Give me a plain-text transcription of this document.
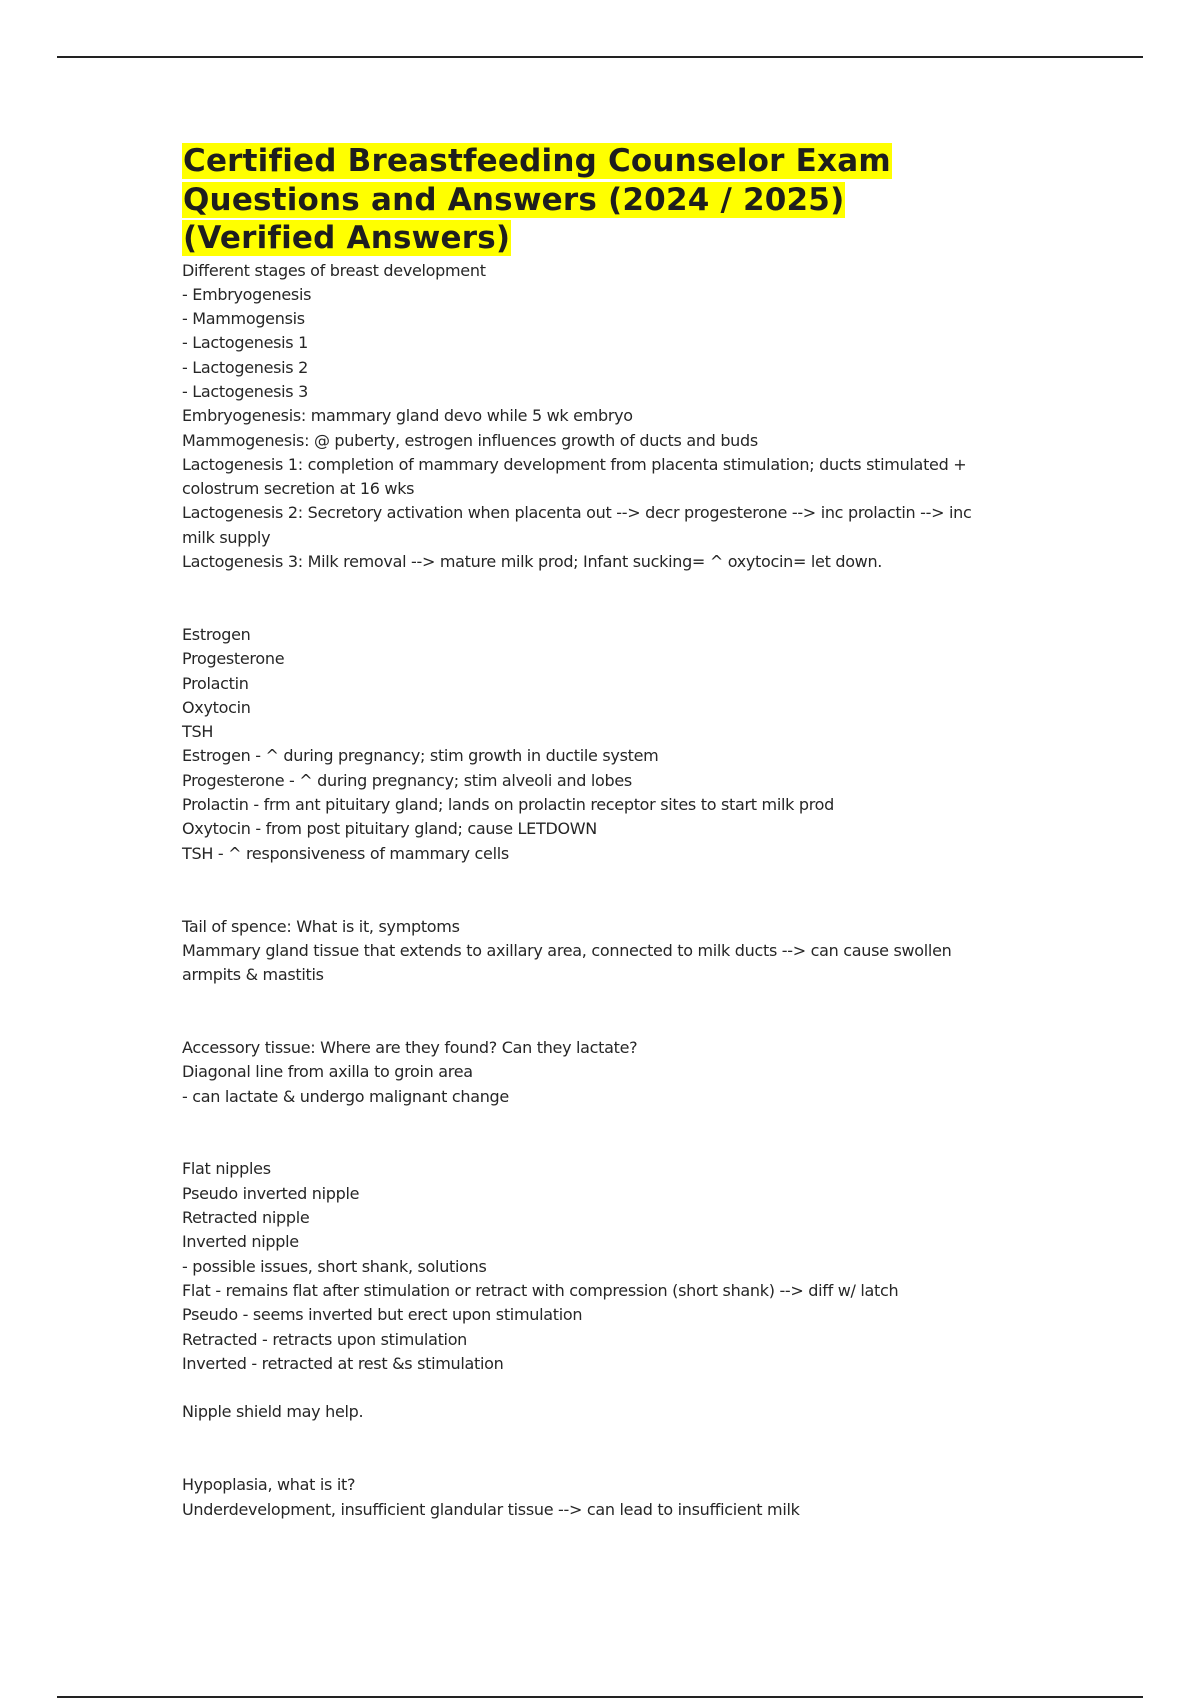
Certified Breastfeeding Counselor Exam
Questions and Answers (2024 / 2025)
(Verified Answers)

Different stages of breast development

- Embryogenesis

- Mammogensis

- Lactogenesis 1

- Lactogenesis 2

- Lactogenesis 3

Embryogenesis: mammary gland devo while 5 wk embryo

Mammogenesis: @ puberty, estrogen influences growth of ducts and buds

Lactogenesis 1: completion of mammary development from placenta stimulation; ducts stimulated +

colostrum secretion at 16 wks

Lactogenesis 2: Secretory activation when placenta out --> decr progesterone --> inc prolactin --> inc

milk supply

Lactogenesis 3: Milk removal --> mature milk prod; Infant sucking= ^ oxytocin= let down.

Estrogen

Progesterone

Prolactin

Oxytocin

TSH

Estrogen - ^ during pregnancy; stim growth in ductile system

Progesterone - ^ during pregnancy; stim alveoli and lobes

Prolactin - frm ant pituitary gland; lands on prolactin receptor sites to start milk prod

Oxytocin - from post pituitary gland; cause LETDOWN

TSH - ^ responsiveness of mammary cells

Tail of spence: What is it, symptoms

Mammary gland tissue that extends to axillary area, connected to milk ducts --> can cause swollen

armpits & mastitis

Accessory tissue: Where are they found? Can they lactate?

Diagonal line from axilla to groin area

- can lactate & undergo malignant change

Flat nipples

Pseudo inverted nipple

Retracted nipple

Inverted nipple

- possible issues, short shank, solutions

Flat - remains flat after stimulation or retract with compression (short shank) --> diff w/ latch

Pseudo - seems inverted but erect upon stimulation

Retracted - retracts upon stimulation

Inverted - retracted at rest &s stimulation

Nipple shield may help.

Hypoplasia, what is it?

Underdevelopment, insufficient glandular tissue --> can lead to insufficient milk
